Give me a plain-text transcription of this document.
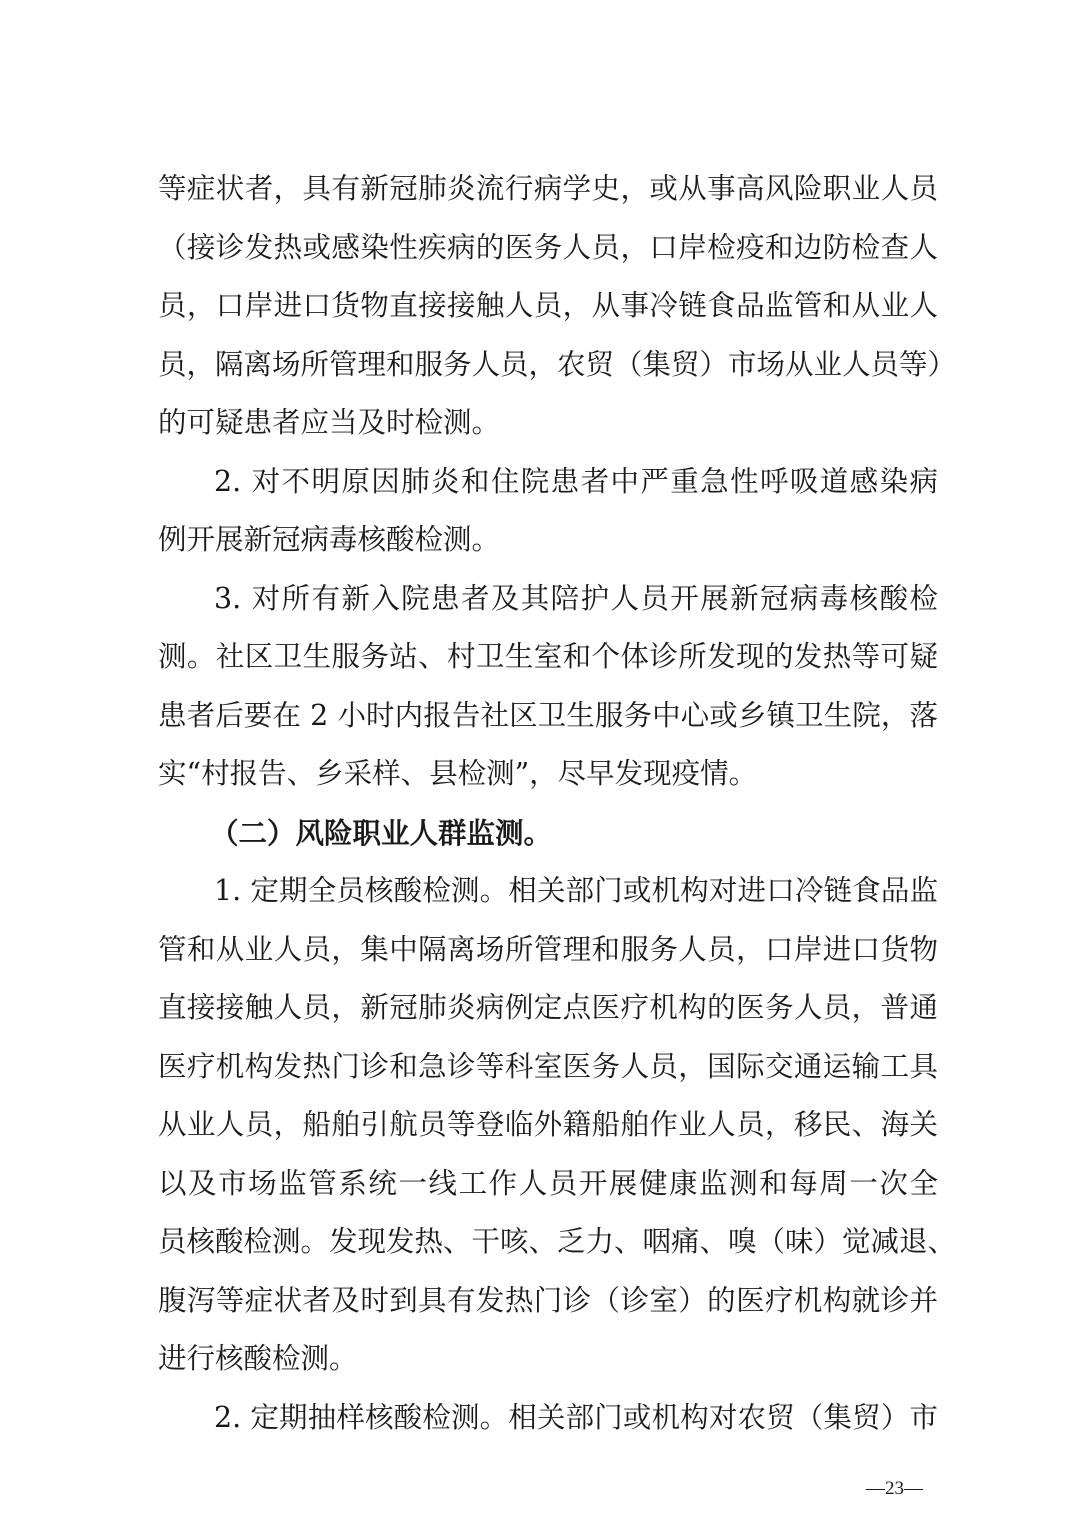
等症状者，具有新冠肺炎流行病学史，或从事高风险职业人员
（接诊发热或感染性疾病的医务人员，口岸检疫和边防检查人
员，口岸进口货物直接接触人员，从事冷链食品监管和从业人
员，隔离场所管理和服务人员，农贸（集贸）市场从业人员等）
的可疑患者应当及时检测。
2. 对不明原因肺炎和住院患者中严重急性呼吸道感染病
例开展新冠病毒核酸检测。
3. 对所有新入院患者及其陪护人员开展新冠病毒核酸检
测。社区卫生服务站、村卫生室和个体诊所发现的发热等可疑
患者后要在 2 小时内报告社区卫生服务中心或乡镇卫生院，落
实“村报告、乡采样、县检测”，尽早发现疫情。
（二）风险职业人群监测。
1. 定期全员核酸检测。相关部门或机构对进口冷链食品监
管和从业人员，集中隔离场所管理和服务人员，口岸进口货物
直接接触人员，新冠肺炎病例定点医疗机构的医务人员，普通
医疗机构发热门诊和急诊等科室医务人员，国际交通运输工具
从业人员，船舶引航员等登临外籍船舶作业人员，移民、海关
以及市场监管系统一线工作人员开展健康监测和每周一次全
员核酸检测。发现发热、干咳、乏力、咽痛、嗅（味）觉减退、
腹泻等症状者及时到具有发热门诊（诊室）的医疗机构就诊并
进行核酸检测。
2. 定期抽样核酸检测。相关部门或机构对农贸（集贸）市
—23—
